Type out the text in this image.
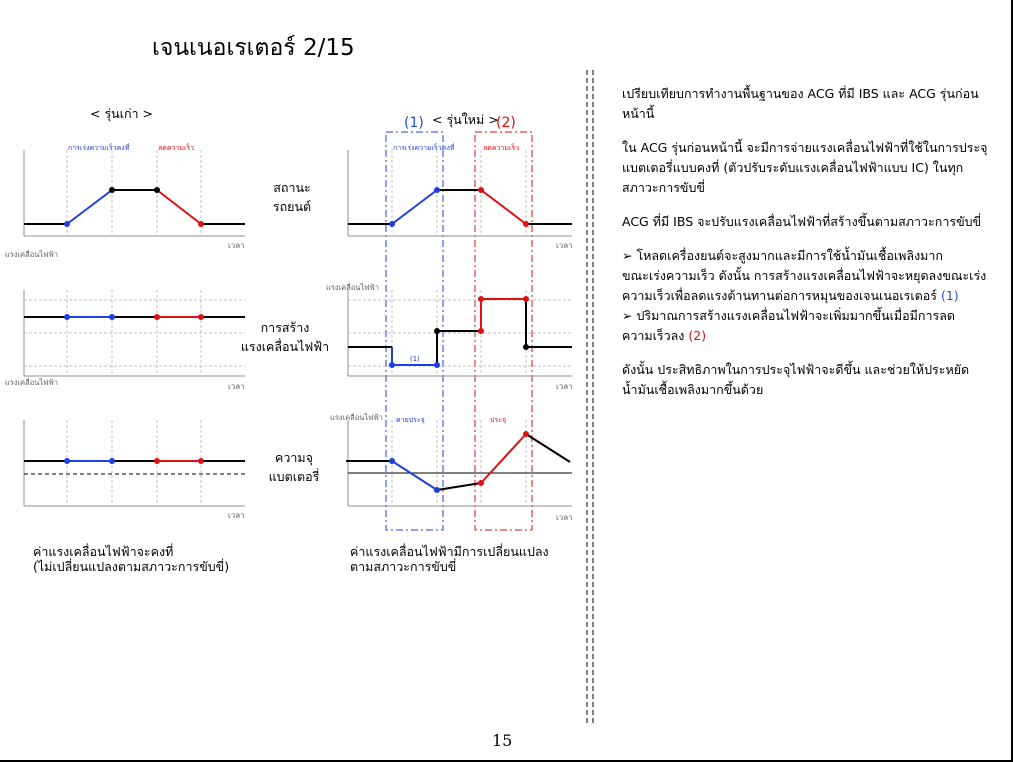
เจนเนอเรเตอร์ 2/15
< รุ่นเก่า >	< รุ่นใหม่ >
(1)	(2)
สถานะ
รถยนต์
การสร้าง
แรงเคลื่อนไฟฟ้า
ความจุ
แบตเตอรี่
ค่าแรงเคลื่อนไฟฟ้าจะคงที่
(ไม่เปลี่ยนแปลงตามสภาวะการขับขี่)
ค่าแรงเคลื่อนไฟฟ้ามีการเปลี่ยนแปลง
ตามสภาวะการขับขี่
การเร่งความเร็วคงที่	ลดความเร็ว
เวลา
แรงเคลื่อนไฟฟ้า
เวลา
แรงเคลื่อนไฟฟ้า
เวลา
การเร่งความเร็วคงที่	ลดความเร็ว
เวลา
แรงเคลื่อนไฟฟ้า
(1)
เวลา
แรงเคลื่อนไฟฟ้า คายประจุ	ประจุ
เวลา

เปรียบเทียบการทำงานพื้นฐานของ ACG ที่มี IBS และ ACG รุ่นก่อนหน้านี้

ใน ACG รุ่นก่อนหน้านี้ จะมีการจ่ายแรงเคลื่อนไฟฟ้าที่ใช้ในการประจุแบตเตอรี่แบบคงที่ (ตัวปรับระดับแรงเคลื่อนไฟฟ้าแบบ IC) ในทุกสภาวะการขับขี่

ACG ที่มี IBS จะปรับแรงเคลื่อนไฟฟ้าที่สร้างขึ้นตามสภาวะการขับขี่

➢ โหลดเครื่องยนต์จะสูงมากและมีการใช้น้ำมันเชื้อเพลิงมาก
ขณะเร่งความเร็ว ดังนั้น การสร้างแรงเคลื่อนไฟฟ้าจะหยุดลงขณะเร่งความเร็วเพื่อลดแรงต้านทานต่อการหมุนของเจนเนอเรเตอร์ (1)

➢ ปริมาณการสร้างแรงเคลื่อนไฟฟ้าจะเพิ่มมากขึ้นเมื่อมีการลดความเร็วลง (2)

ดังนั้น ประสิทธิภาพในการประจุไฟฟ้าจะดีขึ้น และช่วยให้ประหยัดน้ำมันเชื้อเพลิงมากขึ้นด้วย

15
